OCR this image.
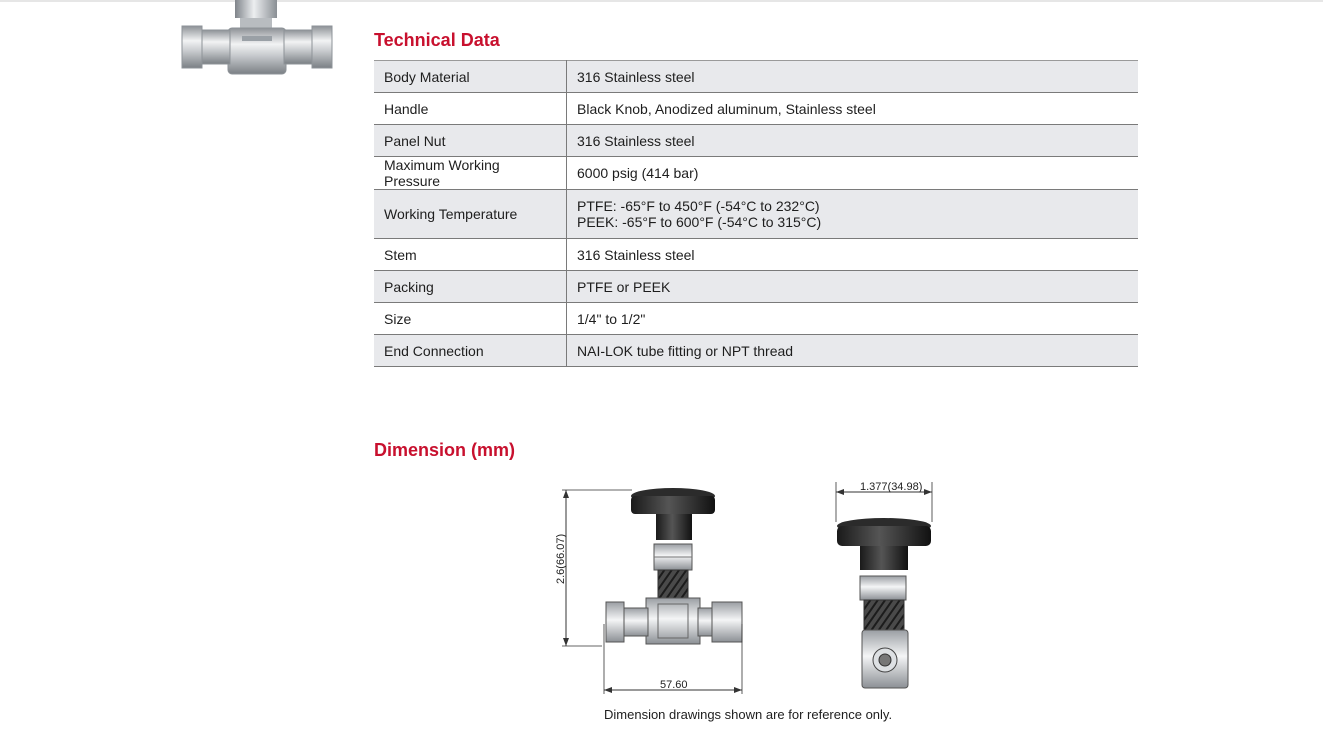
Technical Data
Body Material	316 Stainless steel

Handle	Black Knob, Anodized aluminum, Stainless steel

Panel Nut	316 Stainless steel

Maximum Working Pressure	6000 psig (414 bar)

Working Temperature	PTFE: -65°F to 450°F (-54°C to 232°C)
PEEK: -65°F to 600°F (-54°C to 315°C)

Stem	316 Stainless steel

Packing	PTFE or PEEK

Size	1/4" to 1/2"

End Connection	NAI-LOK tube fitting or NPT thread
Dimension (mm)
2.6(66.07)
57.60
1.377(34.98)
Dimension drawings shown are for reference only.
